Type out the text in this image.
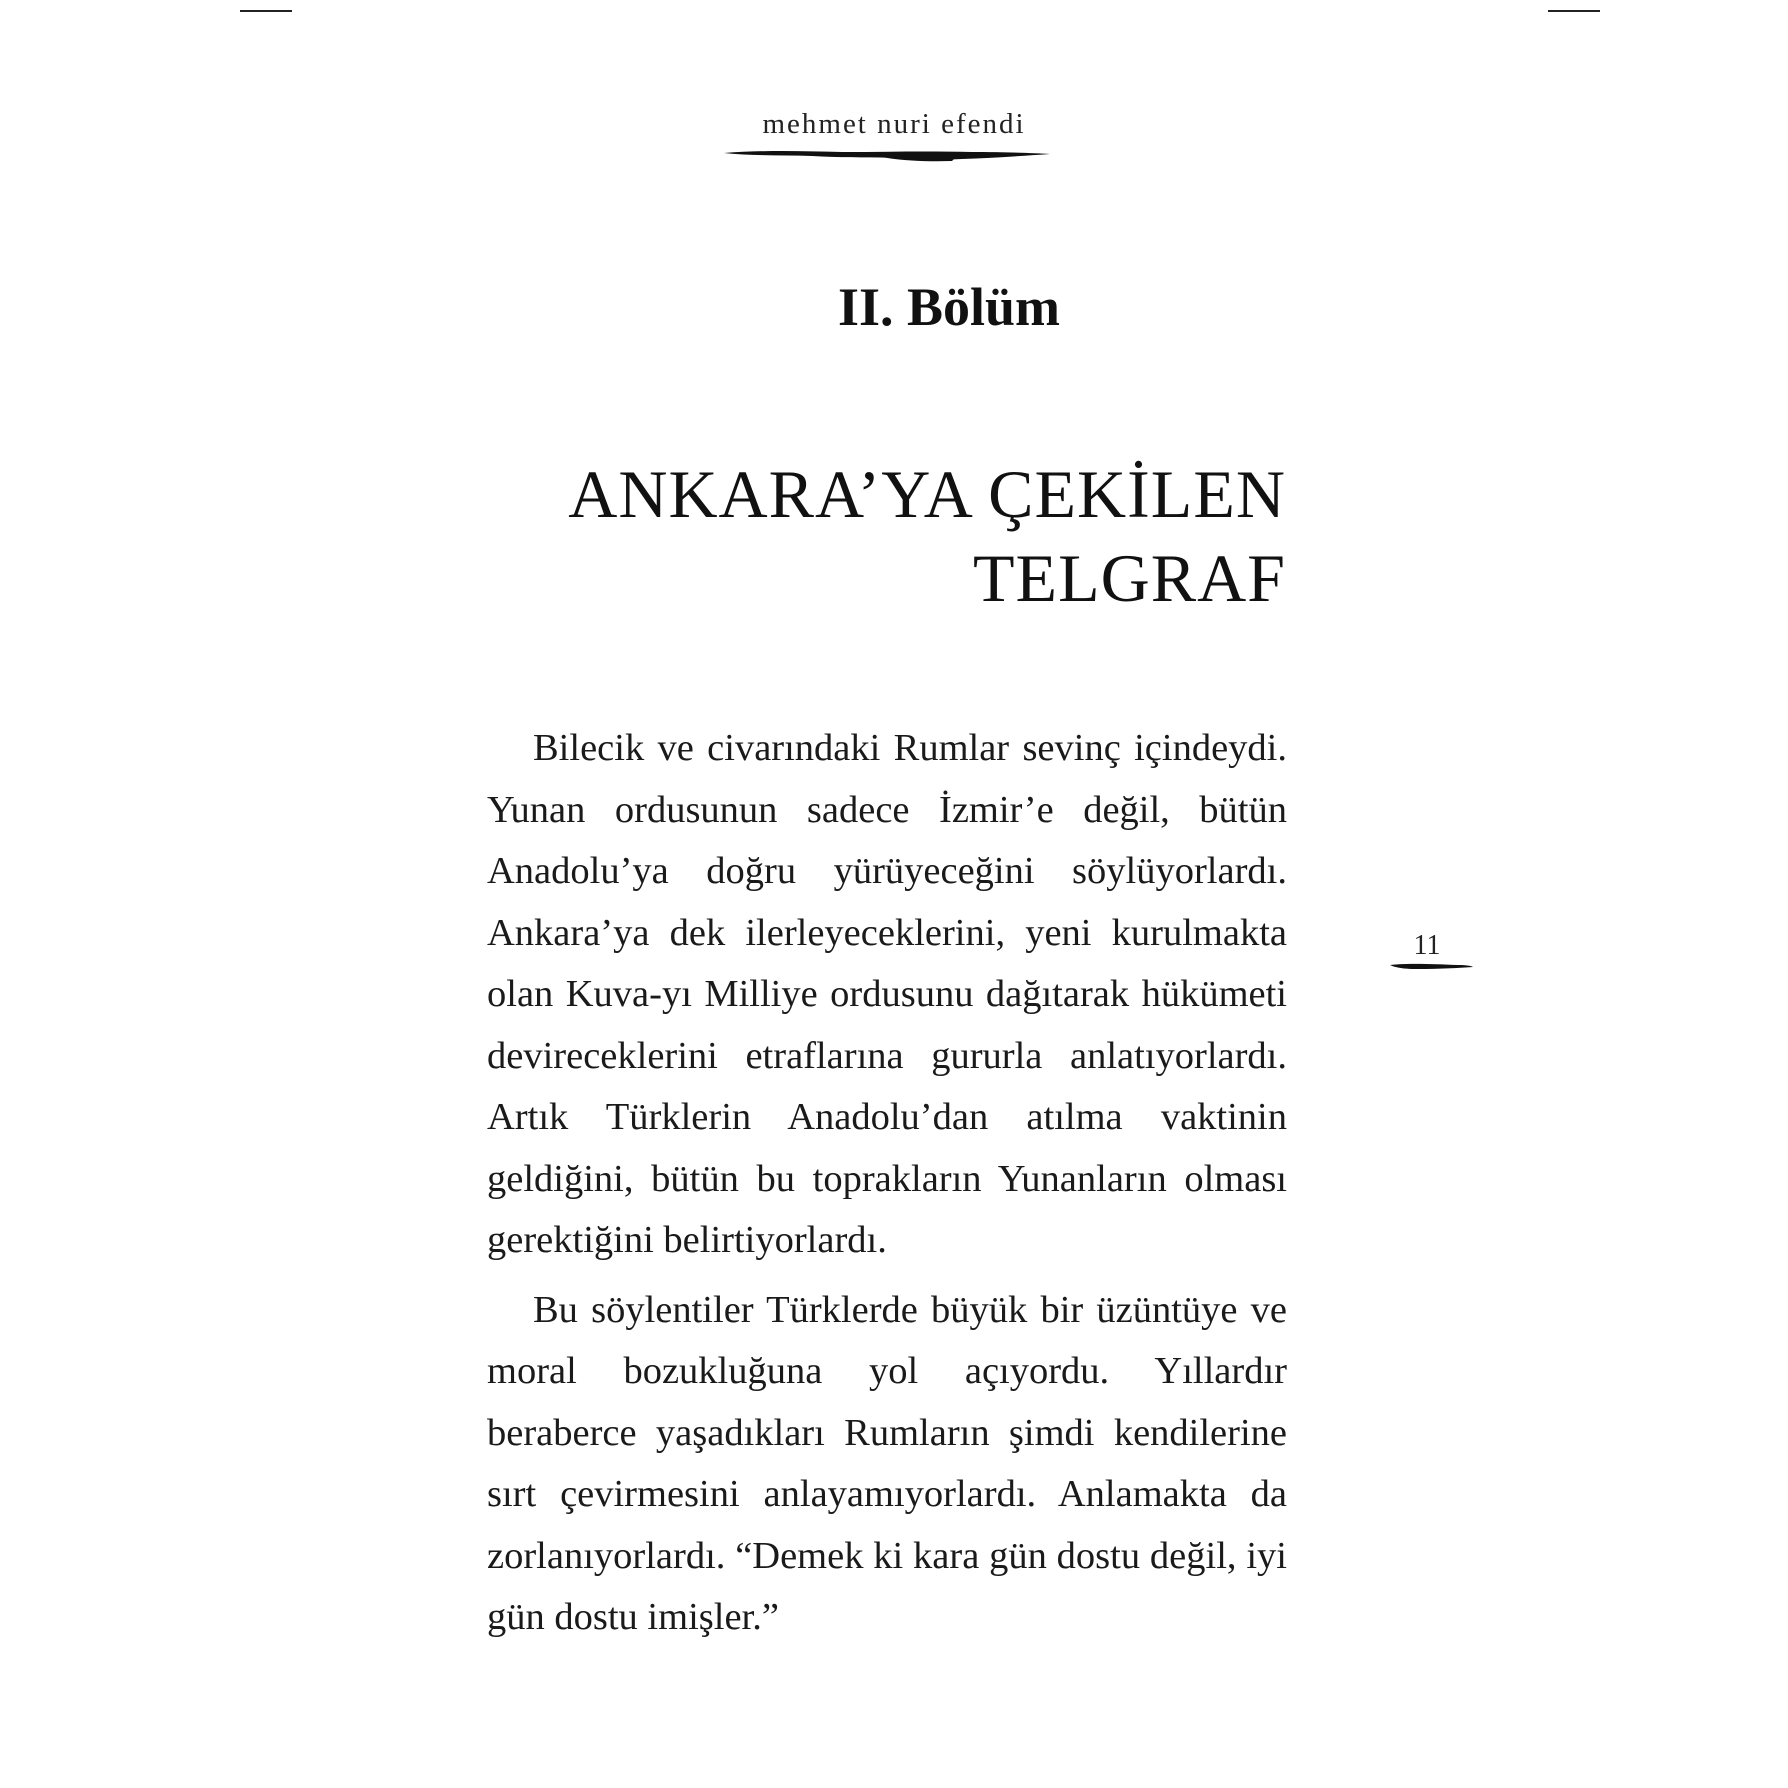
mehmet nuri efendi
II. Bölüm
ANKARA’YA ÇEKİLEN
TELGRAF

Bilecik ve civarındaki Rumlar sevinç içindeydi. Yunan ordusunun sadece İzmir’e değil, bütün Anadolu’ya doğru yürüyeceğini söylüyorlardı. Ankara’ya dek ilerleyeceklerini, yeni kurulmakta olan Kuva-yı Milliye ordusunu dağıtarak hükümeti devireceklerini etraflarına gururla anlatıyorlardı. Artık Türklerin Anadolu’dan atılma vaktinin geldiğini, bütün bu toprakların Yunanların olması gerektiğini belirtiyorlardı.

Bu söylentiler Türklerde büyük bir üzüntüye ve moral bozukluğuna yol açıyordu. Yıllardır beraberce yaşadıkları Rumların şimdi kendilerine sırt çevirmesini anlayamıyorlardı. Anlamakta da zorlanıyorlardı. “Demek ki kara gün dostu değil, iyi gün dostu imişler.”

11
